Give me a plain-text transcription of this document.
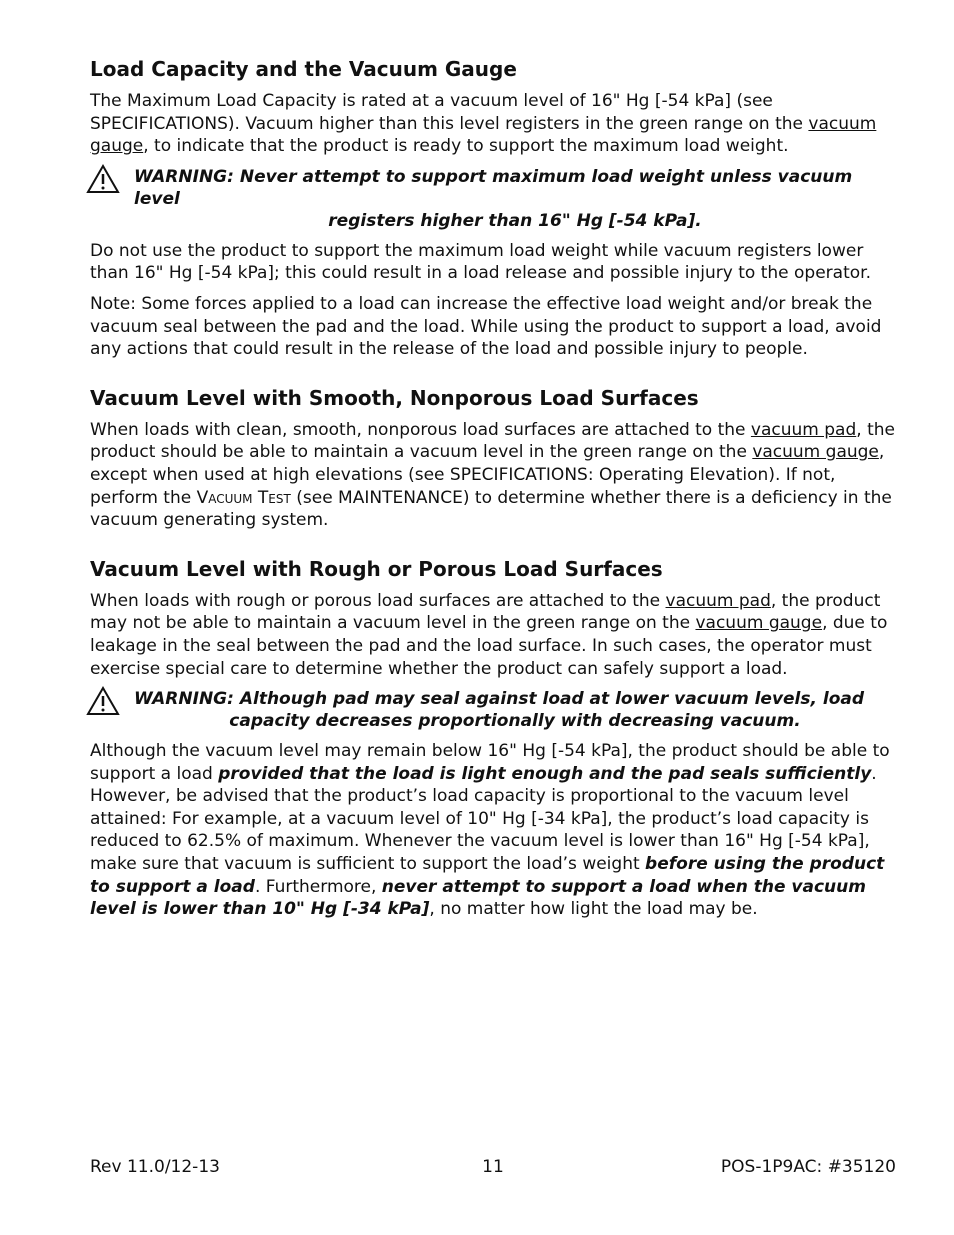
Load Capacity and the Vacuum Gauge

The Maximum Load Capacity is rated at a vacuum level of 16" Hg [-54 kPa] (see SPECIFICATIONS). Vacuum higher than this level registers in the green range on the vacuum gauge, to indicate that the product is ready to support the maximum load weight.

WARNING: Never attempt to support maximum load weight unless vacuum level
registers higher than 16" Hg [-54 kPa].

Do not use the product to support the maximum load weight while vacuum registers lower than 16" Hg [-54 kPa]; this could result in a load release and possible injury to the operator.

Note: Some forces applied to a load can increase the effective load weight and/or break the vacuum seal between the pad and the load. While using the product to support a load, avoid any actions that could result in the release of the load and possible injury to people.

Vacuum Level with Smooth, Nonporous Load Surfaces

When loads with clean, smooth, nonporous load surfaces are attached to the vacuum pad, the product should be able to maintain a vacuum level in the green range on the vacuum gauge, except when used at high elevations (see SPECIFICATIONS: Operating Elevation). If not, perform the Vacuum Test (see MAINTENANCE) to determine whether there is a deficiency in the vacuum generating system.

Vacuum Level with Rough or Porous Load Surfaces

When loads with rough or porous load surfaces are attached to the vacuum pad, the product may not be able to maintain a vacuum level in the green range on the vacuum gauge, due to leakage in the seal between the pad and the load surface. In such cases, the operator must exercise special care to determine whether the product can safely support a load.

WARNING: Although pad may seal against load at lower vacuum levels, load
capacity decreases proportionally with decreasing vacuum.

Although the vacuum level may remain below 16" Hg [-54 kPa], the product should be able to support a load provided that the load is light enough and the pad seals sufficiently. However, be advised that the product’s load capacity is proportional to the vacuum level attained: For example, at a vacuum level of 10" Hg [-34 kPa], the product’s load capacity is reduced to 62.5% of maximum. Whenever the vacuum level is lower than 16" Hg [-54 kPa], make sure that vacuum is sufficient to support the load’s weight before using the product to support a load. Furthermore, never attempt to support a load when the vacuum level is lower than 10" Hg [-34 kPa], no matter how light the load may be.

Rev 11.0/12-13	11	POS-1P9AC: #35120
